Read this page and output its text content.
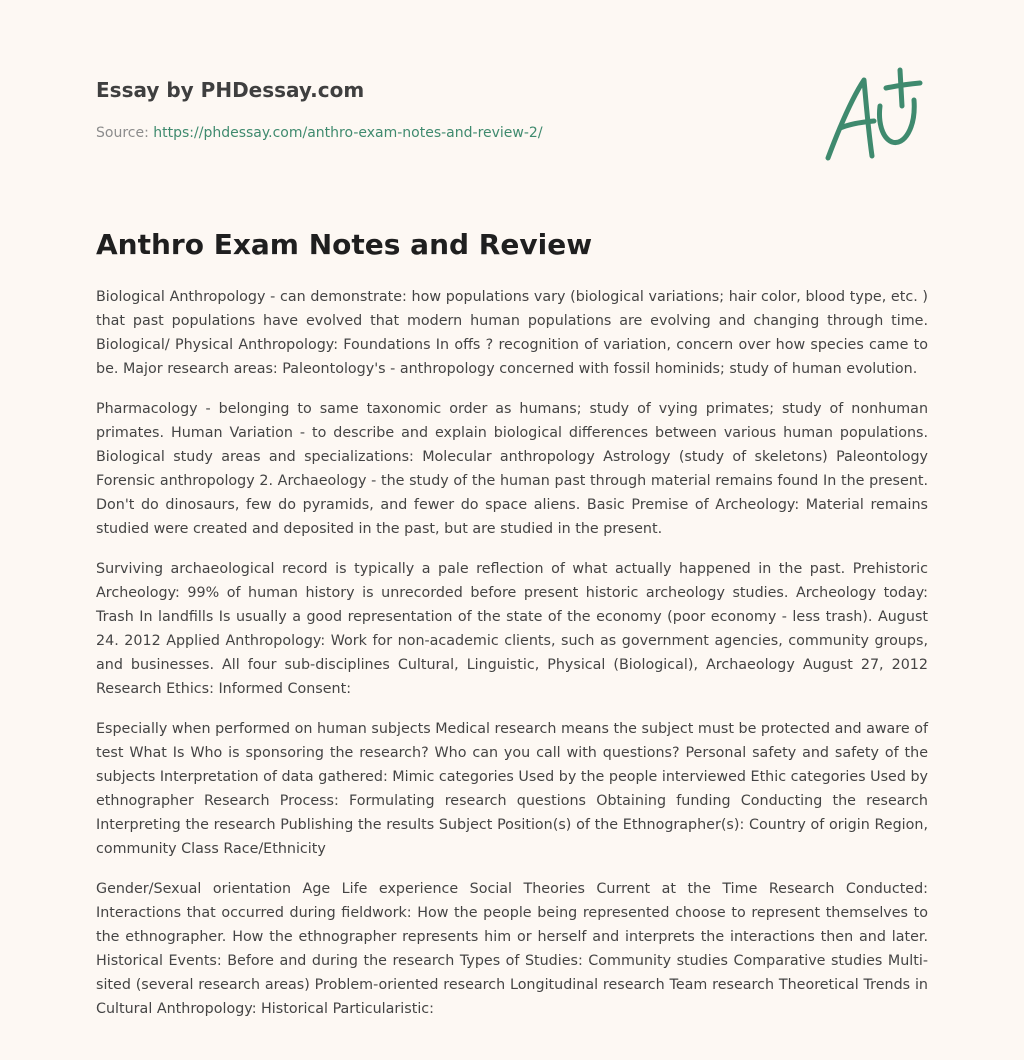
Essay by PHDessay.com
Source: https://phdessay.com/anthro-exam-notes-and-review-2/
Anthro Exam Notes and Review

Biological Anthropology - can demonstrate: how populations vary (biological variations; hair color, blood type, etc. ) that past populations have evolved that modern human populations are evolving and changing through time. Biological/ Physical Anthropology: Foundations In offs ? recognition of variation, concern over how species came to be. Major research areas: Paleontology's - anthropology concerned with fossil hominids; study of human evolution.

Pharmacology - belonging to same taxonomic order as humans; study of vying primates; study of nonhuman primates. Human Variation - to describe and explain biological differences between various human populations. Biological study areas and specializations: Molecular anthropology Astrology (study of skeletons) Paleontology Forensic anthropology 2. Archaeology - the study of the human past through material remains found In the present. Don't do dinosaurs, few do pyramids, and fewer do space aliens. Basic Premise of Archeology: Material remains studied were created and deposited in the past, but are studied in the present.

Surviving archaeological record is typically a pale reflection of what actually happened in the past. Prehistoric Archeology: 99% of human history is unrecorded before present historic archeology studies. Archeology today: Trash In landfills Is usually a good representation of the state of the economy (poor economy - less trash). August 24. 2012 Applied Anthropology: Work for non-academic clients, such as government agencies, community groups, and businesses. All four sub-disciplines Cultural, Linguistic, Physical (Biological), Archaeology August 27, 2012 Research Ethics: Informed Consent:

Especially when performed on human subjects Medical research means the subject must be protected and aware of test What Is Who is sponsoring the research? Who can you call with questions? Personal safety and safety of the subjects Interpretation of data gathered: Mimic categories Used by the people interviewed Ethic categories Used by ethnographer Research Process: Formulating research questions Obtaining funding Conducting the research Interpreting the research Publishing the results Subject Position(s) of the Ethnographer(s): Country of origin Region, community Class Race/Ethnicity

Gender/Sexual orientation Age Life experience Social Theories Current at the Time Research Conducted: Interactions that occurred during fieldwork: How the people being represented choose to represent themselves to the ethnographer. How the ethnographer represents him or herself and interprets the interactions then and later. Historical Events: Before and during the research Types of Studies: Community studies Comparative studies Multi-sited (several research areas) Problem-oriented research Longitudinal research Team research Theoretical Trends in Cultural Anthropology: Historical Particularistic:
